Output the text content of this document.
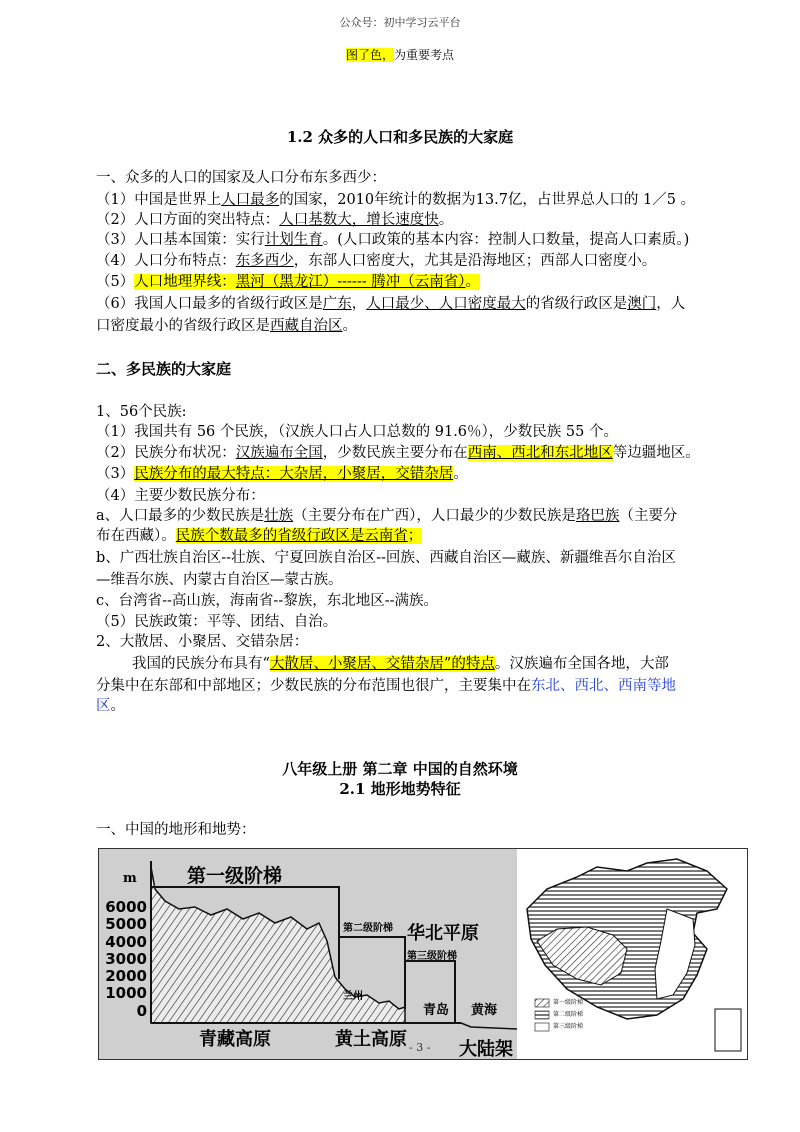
公众号：初中学习云平台
图了色，为重要考点
1.2 众多的人口和多民族的大家庭
一、众多的人口的国家及人口分布东多西少：
（1）中国是世界上人口最多的国家，2010年统计的数据为13.7亿，占世界总人口的 1／5 。
（2）人口方面的突出特点：人口基数大，增长速度快。
（3）人口基本国策：实行计划生育。(人口政策的基本内容：控制人口数量，提高人口素质。)
（4）人口分布特点：东多西少，东部人口密度大，尤其是沿海地区；西部人口密度小。
（5）人口地理界线：黑河（黑龙江）------ 腾冲（云南省）。
（6）我国人口最多的省级行政区是广东，人口最少、人口密度最大的省级行政区是澳门，人
口密度最小的省级行政区是西藏自治区。
二、多民族的大家庭
1、56个民族:
（1）我国共有 56 个民族，（汉族人口占人口总数的 91.6％），少数民族 55 个。
（2）民族分布状况：汉族遍布全国，少数民族主要分布在西南、西北和东北地区等边疆地区。
（3）民族分布的最大特点：大杂居，小聚居，交错杂居。
（4）主要少数民族分布：
a、人口最多的少数民族是壮族（主要分布在广西），人口最少的少数民族是珞巴族（主要分
布在西藏）。民族个数最多的省级行政区是云南省；
b、广西壮族自治区--壮族、宁夏回族自治区--回族、西藏自治区—藏族、新疆维吾尔自治区
—维吾尔族、内蒙古自治区—蒙古族。
c、台湾省--高山族，海南省--黎族，东北地区--满族。
（5）民族政策：平等、团结、自治。
2、大散居、小聚居、交错杂居：
我国的民族分布具有“大散居、小聚居、交错杂居”的特点。汉族遍布全国各地，大部
分集中在东部和中部地区；少数民族的分布范围也很广，主要集中在东北、西北、西南等地
区。
八年级上册 第二章 中国的自然环境
2.1 地形地势特征
一、中国的地形和地势：
m
6000
5000
4000
3000
2000
1000
0
第一级阶梯
第二级阶梯 华北平原
第三级阶梯
兰州
青岛 黄海
青藏高原	黄土高原	大陆架
- 3 -
第一级阶梯
第二级阶梯
第三级阶梯
